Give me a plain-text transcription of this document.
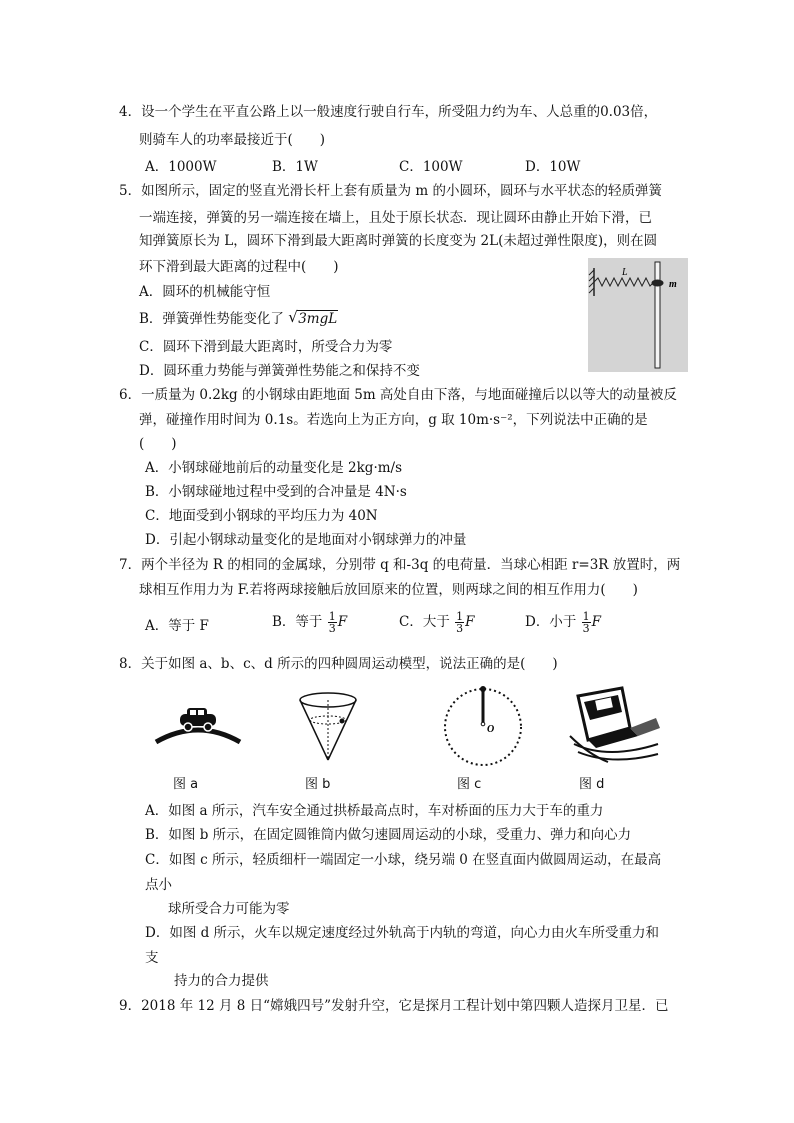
4．设一个学生在平直公路上以一般速度行驶自行车，所受阻力约为车、人总重的0.03倍，
则骑车人的功率最接近于(　　)
A．1000W	B．1W	C．100W	D．10W
5．如图所示，固定的竖直光滑长杆上套有质量为 m 的小圆环，圆环与水平状态的轻质弹簧
一端连接，弹簧的另一端连接在墙上，且处于原长状态．现让圆环由静止开始下滑，已
知弹簧原长为 L，圆环下滑到最大距离时弹簧的长度变为 2L(未超过弹性限度)，则在圆
环下滑到最大距离的过程中(　　)
A．圆环的机械能守恒
B．弹簧弹性势能变化了 √ 3mgL
C．圆环下滑到最大距离时，所受合力为零
D．圆环重力势能与弹簧弹性势能之和保持不变
L
m
6．一质量为 0.2kg 的小钢球由距地面 5m 高处自由下落，与地面碰撞后以以等大的动量被反
弹，碰撞作用时间为 0.1s。若选向上为正方向，g 取 10m·s⁻²，下列说法中正确的是
(　　)
A．小钢球碰地前后的动量变化是 2kg·m/s
B．小钢球碰地过程中受到的合冲量是 4N·s
C．地面受到小钢球的平均压力为 40N
D．引起小钢球动量变化的是地面对小钢球弹力的冲量
7．两个半径为 R 的相同的金属球，分别带 q 和-3q 的电荷量．当球心相距 r=3R 放置时，两
球相互作用力为 F.若将两球接触后放回原来的位置，则两球之间的相互作用力(　　)
A．等于 F	B．等于 $\frac{1}{3}$ F	C．大于 $\frac{1}{3}$ F	D．小于 $\frac{1}{3}$ F
8．关于如图 a、b、c、d 所示的四种圆周运动模型，说法正确的是(　　)
O
图 a	图 b	图 c	图 d
A．如图 a 所示，汽车安全通过拱桥最高点时，车对桥面的压力大于车的重力
B．如图 b 所示，在固定圆锥筒内做匀速圆周运动的小球，受重力、弹力和向心力
C．如图 c 所示，轻质细杆一端固定一小球，绕另端 0 在竖直面内做圆周运动，在最高
点小
球所受合力可能为零
D．如图 d 所示，火车以规定速度经过外轨高于内轨的弯道，向心力由火车所受重力和
支
持力的合力提供
9．2018 年 12 月 8 日“嫦娥四号”发射升空，它是探月工程计划中第四颗人造探月卫星．已
